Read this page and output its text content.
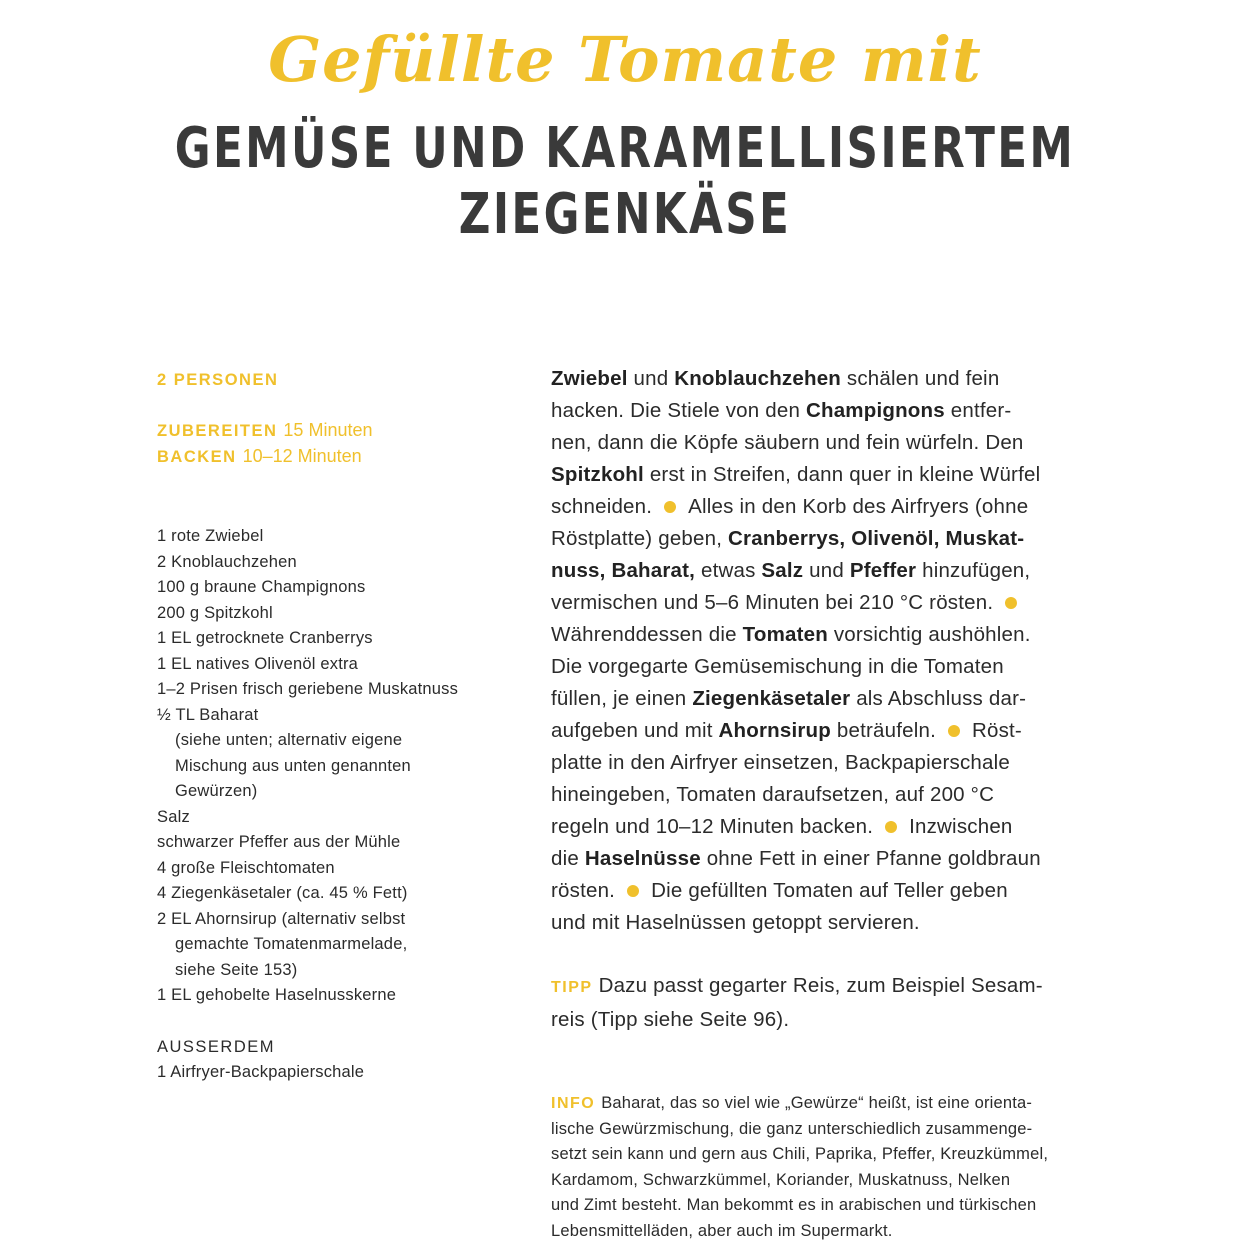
Gefüllte Tomate mit
GEMÜSE UND KARAMELLISIERTEM
ZIEGENKÄSE
2 PERSONEN
ZUBEREITEN 15 Minuten
BACKEN 10–12 Minuten
1 rote Zwiebel
2 Knoblauchzehen
100 g braune Champignons
200 g Spitzkohl
1 EL getrocknete Cranberrys
1 EL natives Olivenöl extra
1–2 Prisen frisch geriebene Muskatnuss
½ TL Baharat
(siehe unten; alternativ eigene
Mischung aus unten genannten
Gewürzen)
Salz
schwarzer Pfeffer aus der Mühle
4 große Fleischtomaten
4 Ziegenkäsetaler (ca. 45 % Fett)
2 EL Ahornsirup (alternativ selbst
gemachte Tomatenmarmelade,
siehe Seite 153)
1 EL gehobelte Haselnusskerne
AUSSERDEM
1 Airfryer-Backpapierschale
Zwiebel und Knoblauchzehen schälen und fein
hacken. Die Stiele von den Champignons entfer-
nen, dann die Köpfe säubern und fein würfeln. Den
Spitzkohl erst in Streifen, dann quer in kleine Würfel
schneiden. Alles in den Korb des Airfryers (ohne
Röstplatte) geben, Cranberrys, Olivenöl, Muskat-
nuss, Baharat, etwas Salz und Pfeffer hinzufügen,
vermischen und 5–6 Minuten bei 210 °C rösten.
Währenddessen die Tomaten vorsichtig aushöhlen.
Die vorgegarte Gemüsemischung in die Tomaten
füllen, je einen Ziegenkäsetaler als Abschluss dar-
aufgeben und mit Ahornsirup beträufeln. Röst-
platte in den Airfryer einsetzen, Backpapierschale
hineingeben, Tomaten daraufsetzen, auf 200 °C
regeln und 10–12 Minuten backen. Inzwischen
die Haselnüsse ohne Fett in einer Pfanne goldbraun
rösten. Die gefüllten Tomaten auf Teller geben
und mit Haselnüssen getoppt servieren.
TIPP Dazu passt gegarter Reis, zum Beispiel Sesam-
reis (Tipp siehe Seite 96).
INFO Baharat, das so viel wie „Gewürze“ heißt, ist eine orienta-
lische Gewürzmischung, die ganz unterschiedlich zusammenge-
setzt sein kann und gern aus Chili, Paprika, Pfeffer, Kreuzkümmel,
Kardamom, Schwarzkümmel, Koriander, Muskatnuss, Nelken
und Zimt besteht. Man bekommt es in arabischen und türkischen
Lebensmittelläden, aber auch im Supermarkt.
